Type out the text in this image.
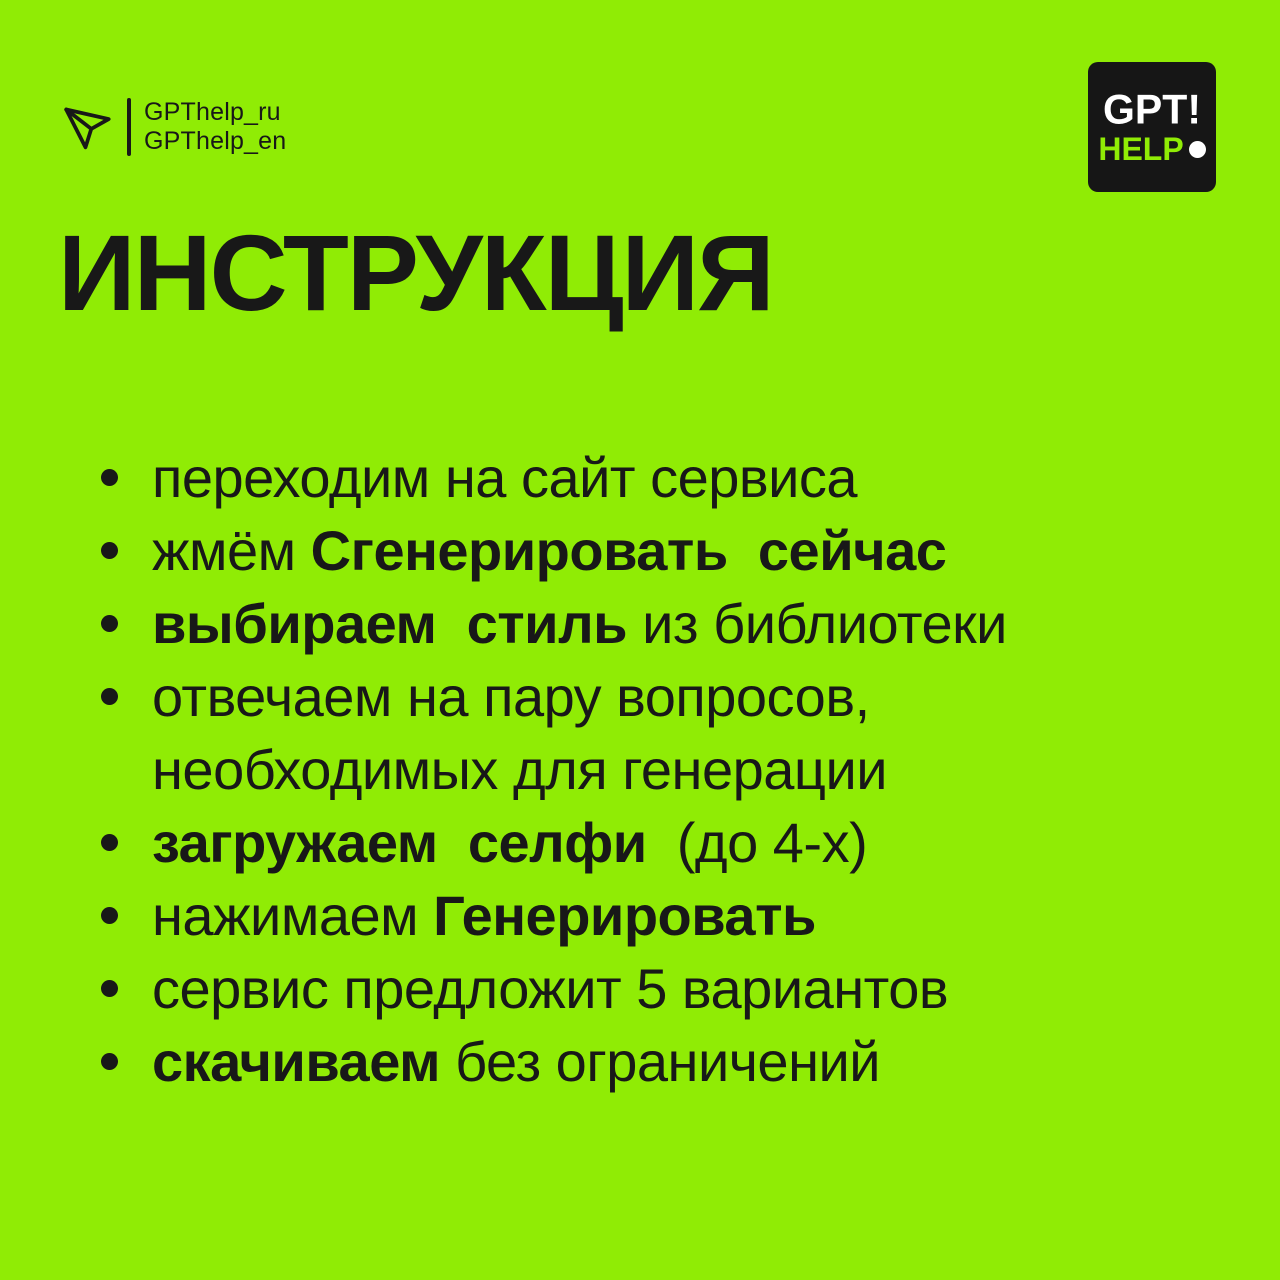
GPThelp_ru
GPThelp_en
GPT!
HELP
ИНСТРУКЦИЯ
переходим на сайт сервиса
жмём Сгенерировать  сейчас
выбираем  стиль из библиотеки
отвечаем на пару вопросов,
необходимых для генерации
загружаем  селфи  (до 4-х)
нажимаем Генерировать
сервис предложит 5 вариантов
скачиваем без ограничений
